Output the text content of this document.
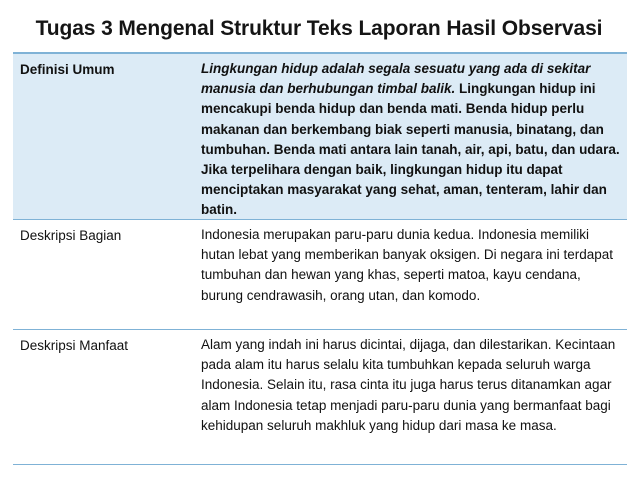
Tugas 3 Mengenal Struktur Teks Laporan Hasil Observasi
Definisi Umum	Lingkungan hidup adalah segala sesuatu yang ada di sekitar manusia dan berhubungan timbal balik. Lingkungan hidup ini mencakupi benda hidup dan benda mati. Benda hidup perlu makanan dan berkembang biak seperti manusia, binatang, dan tumbuhan. Benda mati antara lain tanah, air, api, batu, dan udara. Jika terpelihara dengan baik, lingkungan hidup itu dapat menciptakan masyarakat yang sehat, aman, tenteram, lahir dan batin.
Deskripsi Bagian	Indonesia merupakan paru-paru dunia kedua. Indonesia memiliki hutan lebat yang memberikan banyak oksigen. Di negara ini terdapat tumbuhan dan hewan yang khas, seperti matoa, kayu cendana, burung cendrawasih, orang utan, dan komodo.
Deskripsi Manfaat	Alam yang indah ini harus dicintai, dijaga, dan dilestarikan. Kecintaan pada alam itu harus selalu kita tumbuhkan kepada seluruh warga Indonesia. Selain itu, rasa cinta itu juga harus terus ditanamkan agar alam Indonesia tetap menjadi paru-paru dunia yang bermanfaat bagi kehidupan seluruh makhluk yang hidup dari masa ke masa.
